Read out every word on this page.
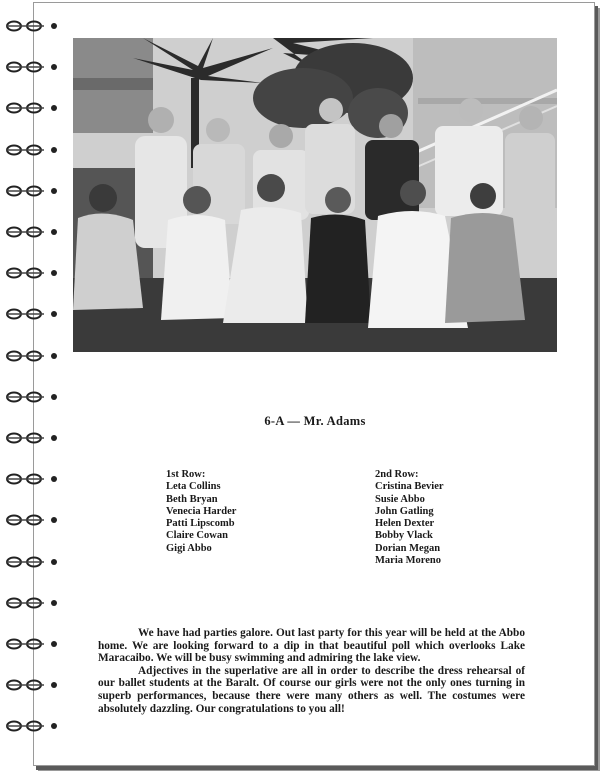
6-A — Mr. Adams
1st Row:
Leta Collins
Beth Bryan
Venecia Harder
Patti Lipscomb
Claire Cowan
Gigi Abbo
2nd Row:
Cristina Bevier
Susie Abbo
John Gatling
Helen Dexter
Bobby Vlack
Dorian Megan
Maria Moreno

We have had parties galore. Out last party for this year will be held at the Abbo home. We are looking forward to a dip in that beautiful poll which overlooks Lake Maracaibo. We will be busy swimming and admiring the lake view.

Adjectives in the superlative are all in order to describe the dress rehearsal of our ballet students at the Baralt. Of course our girls were not the only ones turning in superb performances, because there were many others as well. The costumes were absolutely dazzling. Our congratulations to you all!
